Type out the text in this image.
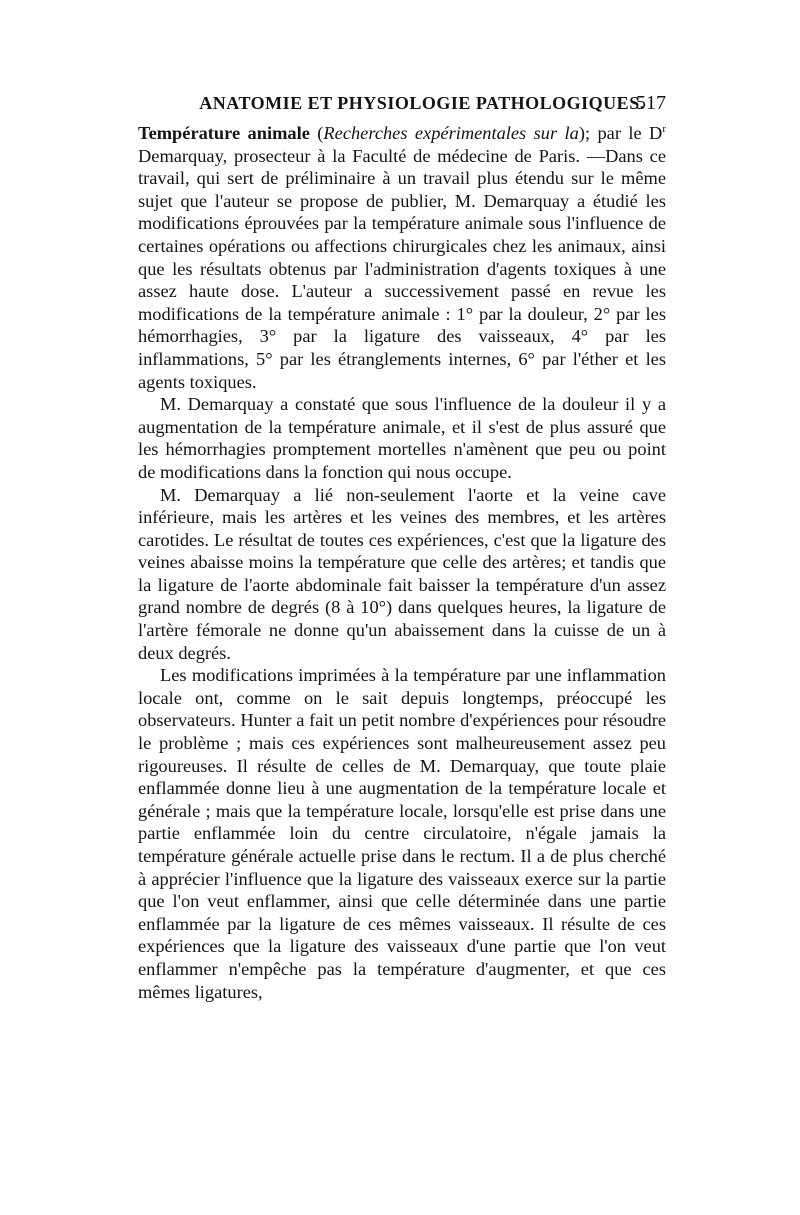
ANATOMIE ET PHYSIOLOGIE PATHOLOGIQUES.
517

Température animale (Recherches expérimentales sur la); par le $D^r$ Demarquay, prosecteur à la Faculté de médecine de Paris. —Dans ce travail, qui sert de préliminaire à un travail plus étendu sur le même sujet que l'auteur se propose de publier, M. Demarquay a étudié les modifications éprouvées par la température animale sous l'influence de certaines opérations ou affections chirurgicales chez les animaux, ainsi que les résultats obtenus par l'administration d'agents toxiques à une assez haute dose. L'auteur a successivement passé en revue les modifications de la température animale : 1° par la douleur, 2° par les hémorrhagies, 3° par la ligature des vaisseaux, 4° par les inflammations, 5° par les étranglements internes, 6° par l'éther et les agents toxiques.

M. Demarquay a constaté que sous l'influence de la douleur il y a augmentation de la température animale, et il s'est de plus assuré que les hémorrhagies promptement mortelles n'amènent que peu ou point de modifications dans la fonction qui nous occupe.

M. Demarquay a lié non-seulement l'aorte et la veine cave inférieure, mais les artères et les veines des membres, et les artères carotides. Le résultat de toutes ces expériences, c'est que la ligature des veines abaisse moins la température que celle des artères; et tandis que la ligature de l'aorte abdominale fait baisser la température d'un assez grand nombre de degrés (8 à 10°) dans quelques heures, la ligature de l'artère fémorale ne donne qu'un abaissement dans la cuisse de un à deux degrés.

Les modifications imprimées à la température par une inflammation locale ont, comme on le sait depuis longtemps, préoccupé les observateurs. Hunter a fait un petit nombre d'expériences pour résoudre le problème ; mais ces expériences sont malheureusement assez peu rigoureuses. Il résulte de celles de M. Demarquay, que toute plaie enflammée donne lieu à une augmentation de la température locale et générale ; mais que la température locale, lorsqu'elle est prise dans une partie enflammée loin du centre circulatoire, n'égale jamais la température générale actuelle prise dans le rectum. Il a de plus cherché à apprécier l'influence que la ligature des vaisseaux exerce sur la partie que l'on veut enflammer, ainsi que celle déterminée dans une partie enflammée par la ligature de ces mêmes vaisseaux. Il résulte de ces expériences que la ligature des vaisseaux d'une partie que l'on veut enflammer n'empêche pas la température d'augmenter, et que ces mêmes ligatures,
